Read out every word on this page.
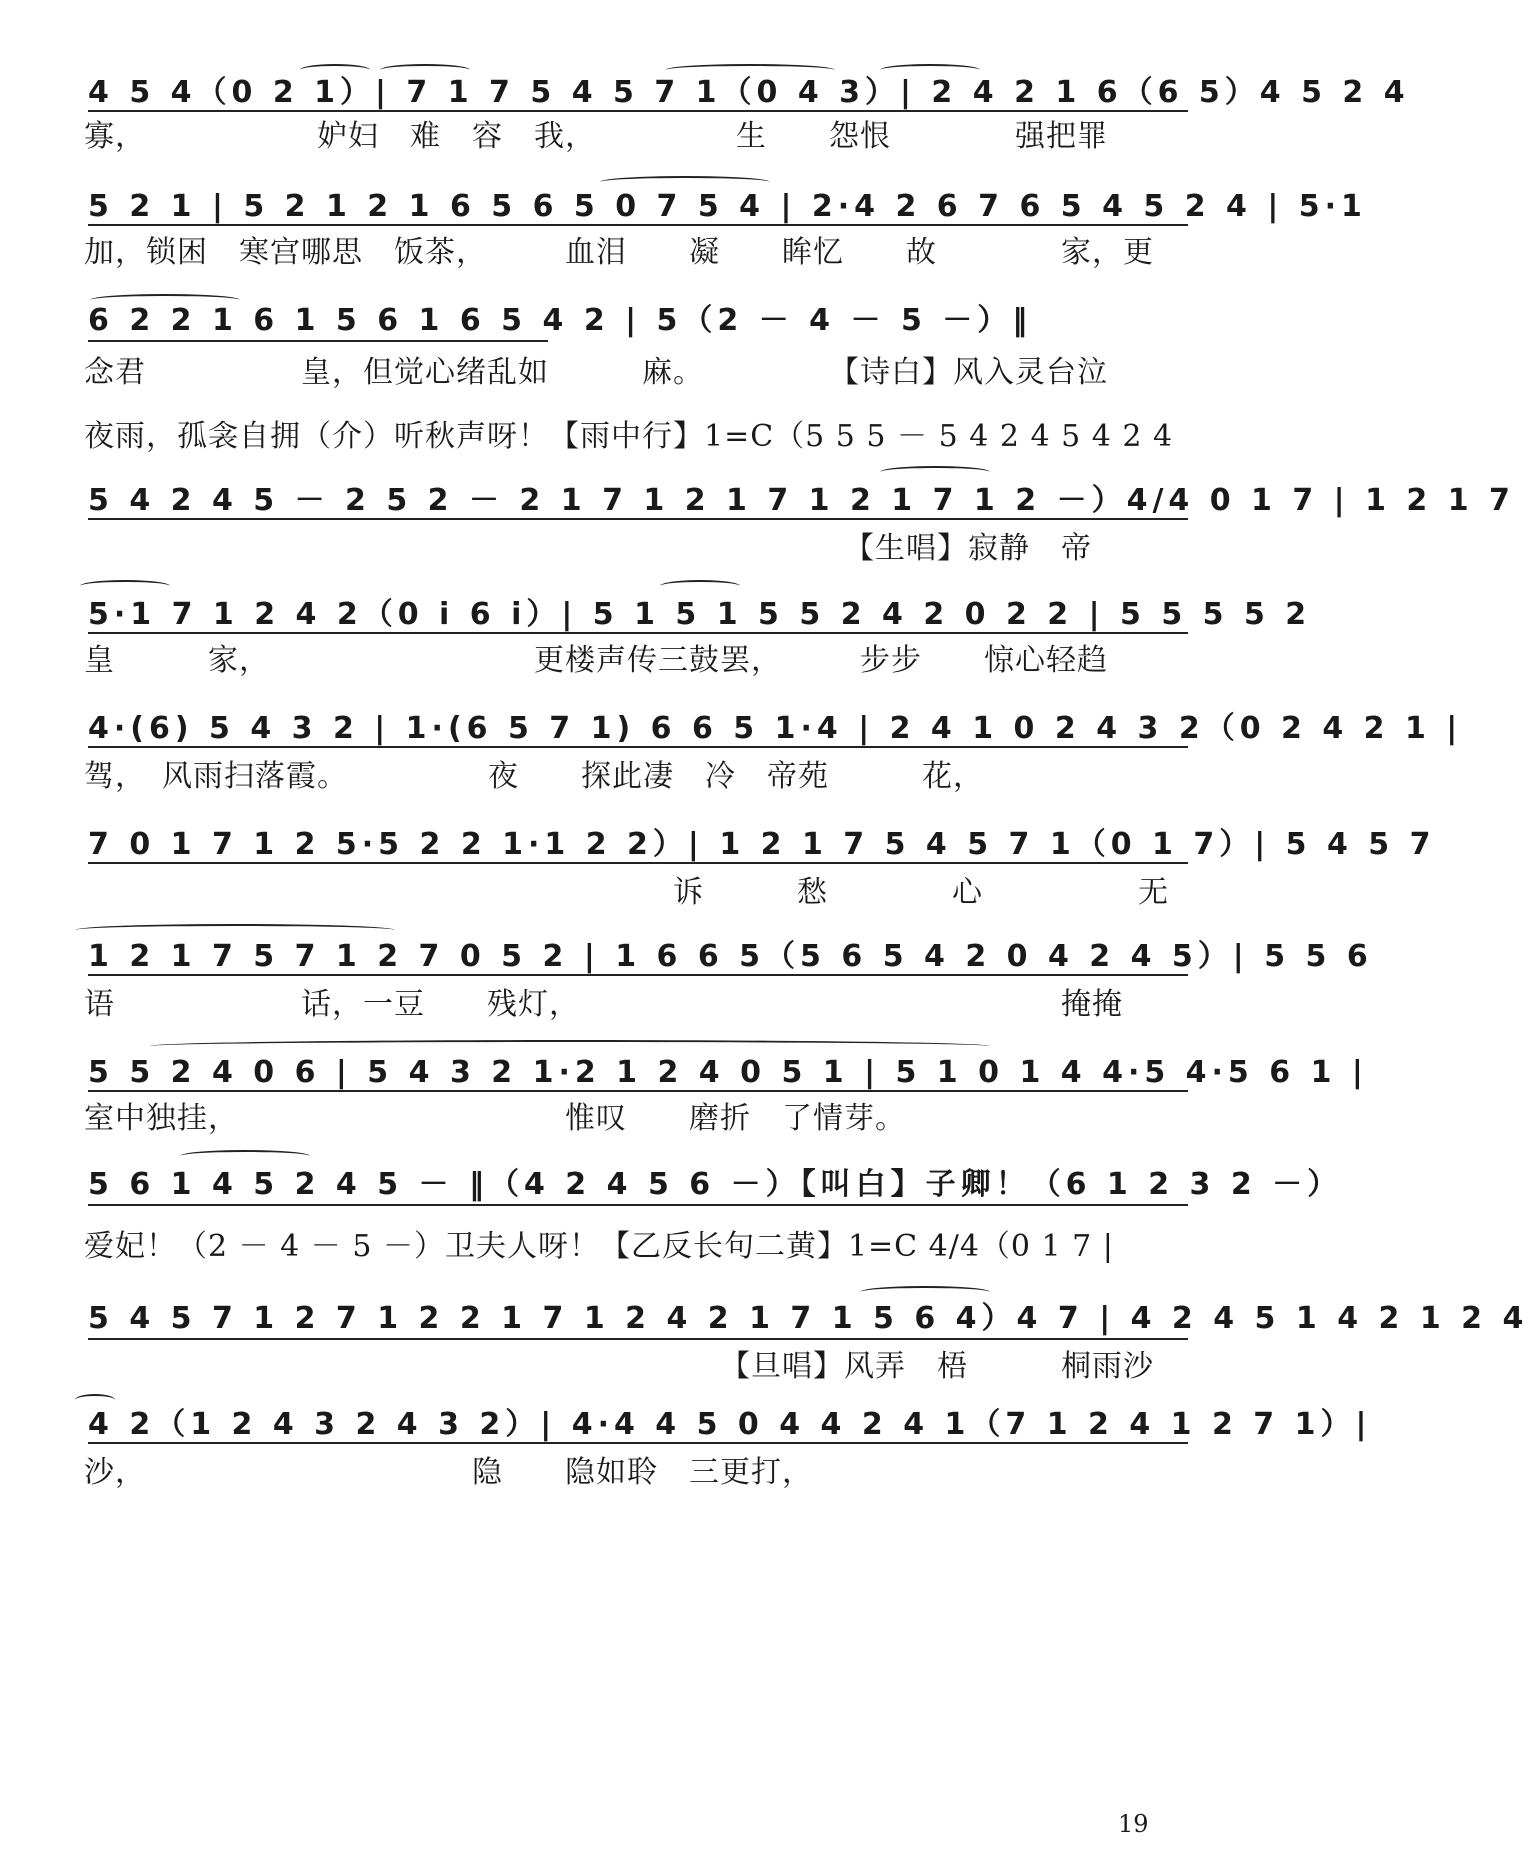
4 5 4（0 2 1）| 7 1 7 5 4 5 7 1（0 4 3）| 2 4 2 1 6（6 5）4 5 2 4
寡，　　　　　　妒妇　难　容　我，　　　　　生　　怨恨　　　　强把罪
5 2 1 | 5 2 1 2 1 6 5 6 5 0 7 5 4 | 2·4 2 6 7 6 5 4 5 2 4 | 5·1
加，锁困　寒宫哪思　饭茶，　　　血泪　　凝　　眸忆　　故　　　　家，更
6 2 2 1 6 1 5 6 1 6 5 4 2 | 5（2 － 4 － 5 －）‖
念君　　　　　皇，但觉心绪乱如　　　麻。　　　　　【诗白】风入灵台泣
夜雨，孤衾自拥（介）听秋声呀！【雨中行】1=C（5 5 5 － 5 4 2 4 5 4 2 4
5 4 2 4 5 － 2 5 2 － 2 1 7 1 2 1 7 1 2 1 7 1 2 －）4/4 0 1 7 | 1 2 1 7
　　　　　　　　　　　　　　　　　　　　　　　　　【生唱】寂静　帝
5·1 7 1 2 4 2（0 i 6 i）| 5 1 5 1 5 5 2 4 2 0 2 2 | 5 5 5 5 2
皇　　　家，　　　　　　　　　更楼声传三鼓罢，　　　步步　　惊心轻趋
4·(6) 5 4 3 2 | 1·(6 5 7 1) 6 6 5 1·4 | 2 4 1 0 2 4 3 2（0 2 4 2 1 |
驾，　风雨扫落霞。　　　　　夜　　探此凄　冷　帝苑　　　花，
7 0 1 7 1 2 5·5 2 2 1·1 2 2）| 1 2 1 7 5 4 5 7 1（0 1 7）| 5 4 5 7
　　　　　　　　　　　　　　　　　　　诉　　　愁　　　　心　　　　　无
1 2 1 7 5 7 1 2 7 0 5 2 | 1 6 6 5（5 6 5 4 2 0 4 2 4 5）| 5 5 6
语　　　　　　话，一豆　　残灯，　　　　　　　　　　　　　　　　掩掩
5 5 2 4 0 6 | 5 4 3 2 1·2 1 2 4 0 5 1 | 5 1 0 1 4 4·5 4·5 6 1 |
室中独挂，　　　　　　　　　　　惟叹　　磨折　了情芽。
5 6 1 4 5 2 4 5 － ‖（4 2 4 5 6 －）【叫白】子卿！（6 1 2 3 2 －）
爱妃！（2 － 4 － 5 －）卫夫人呀！【乙反长句二黄】1=C 4/4（0 1 7 |
5 4 5 7 1 2 7 1 2 2 1 7 1 2 4 2 1 7 1 5 6 4）4 7 | 4 2 4 5 1 4 2 1 2 4
　　　　　　　　　　　　　　　　　　　　　【旦唱】风弄　梧　　　桐雨沙
4 2（1 2 4 3 2 4 3 2）| 4·4 4 5 0 4 4 2 4 1（7 1 2 4 1 2 7 1）|
沙，　　　　　　　　　　　隐　　隐如聆　三更打，
19
